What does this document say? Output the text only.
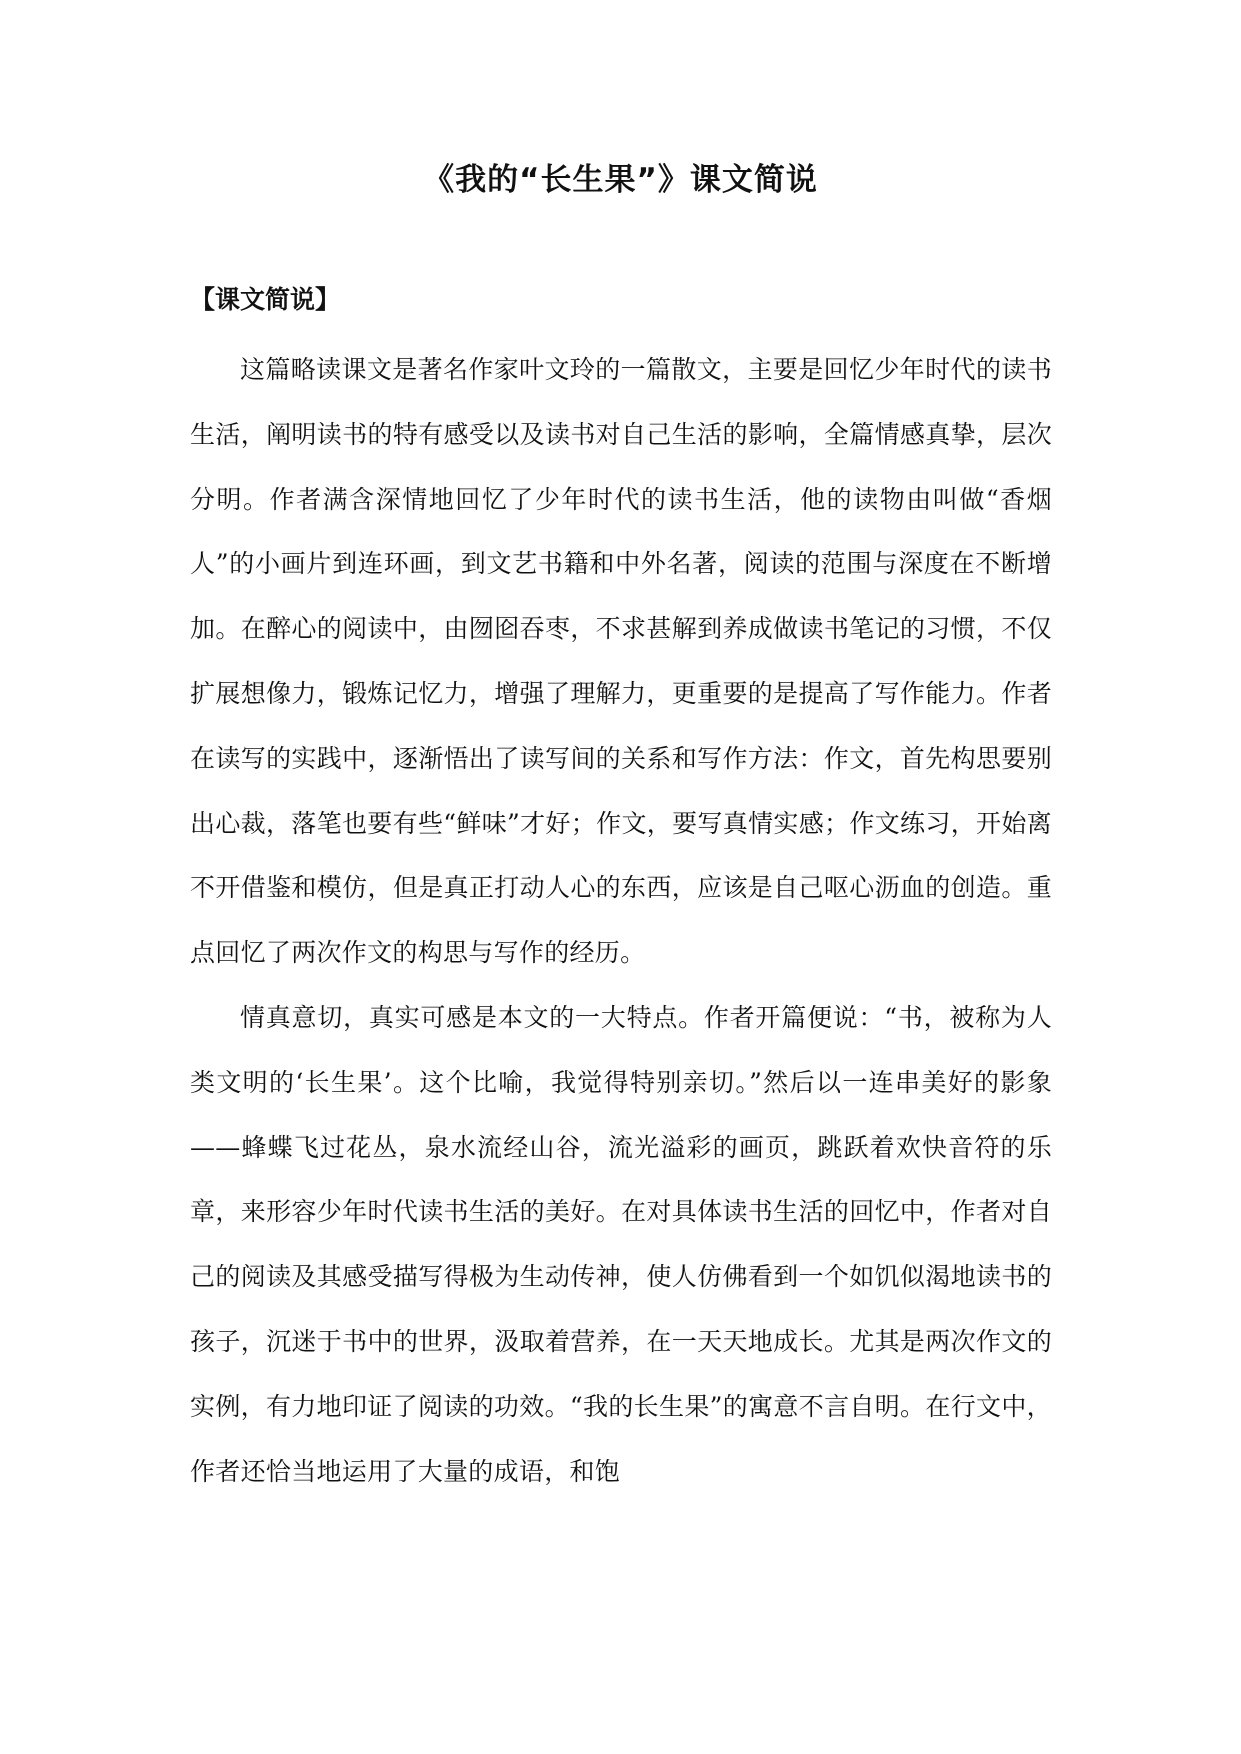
《我的“长生果”》课文简说
【课文简说】

这篇略读课文是著名作家叶文玲的一篇散文，主要是回忆少年时代的读书生活，阐明读书的特有感受以及读书对自己生活的影响，全篇情感真挚，层次分明。作者满含深情地回忆了少年时代的读书生活，他的读物由叫做“香烟人”的小画片到连环画，到文艺书籍和中外名著，阅读的范围与深度在不断增加。在醉心的阅读中，由囫囵吞枣，不求甚解到养成做读书笔记的习惯，不仅扩展想像力，锻炼记忆力，增强了理解力，更重要的是提高了写作能力。作者在读写的实践中，逐渐悟出了读写间的关系和写作方法：作文，首先构思要别出心裁，落笔也要有些“鲜味”才好；作文，要写真情实感；作文练习，开始离不开借鉴和模仿，但是真正打动人心的东西，应该是自己呕心沥血的创造。重点回忆了两次作文的构思与写作的经历。

情真意切，真实可感是本文的一大特点。作者开篇便说：“书，被称为人类文明的‘长生果’。这个比喻，我觉得特别亲切。”然后以一连串美好的影象——蜂蝶飞过花丛，泉水流经山谷，流光溢彩的画页，跳跃着欢快音符的乐章，来形容少年时代读书生活的美好。在对具体读书生活的回忆中，作者对自己的阅读及其感受描写得极为生动传神，使人仿佛看到一个如饥似渴地读书的孩子，沉迷于书中的世界，汲取着营养，在一天天地成长。尤其是两次作文的实例，有力地印证了阅读的功效。“我的长生果”的寓意不言自明。在行文中，作者还恰当地运用了大量的成语，和饱
